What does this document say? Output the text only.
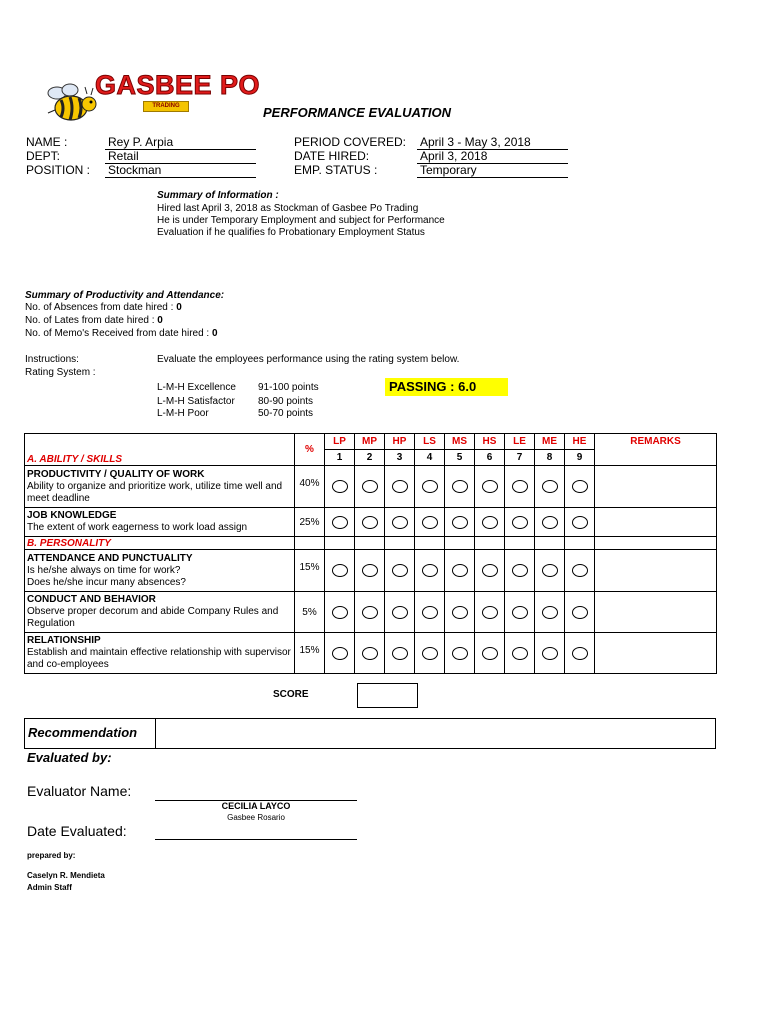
GASBEE PO
TRADING	PERFORMANCE EVALUATION
NAME :	Rey P. Arpia
DEPT:	Retail
POSITION : Stockman
PERIOD COVERED: April 3 - May 3, 2018
DATE HIRED:	April 3, 2018
EMP. STATUS :	Temporary
Summary of Information :
Hired last April 3, 2018 as Stockman of Gasbee Po Trading
He is under Temporary Employment and subject for Performance
Evaluation if he qualifies fo Probationary Employment Status
Summary of Productivity and Attendance:
No. of Absences from date hired : 0
No. of Lates from date hired : 0
No. of Memo's Received from date hired : 0
Instructions:	Evaluate the employees performance using the rating system below.
Rating System :
L-M-H Excellence 91-100 points
L-M-H Satisfactor 80-90 points
L-M-H Poor	50-70 points
PASSING : 6.0
A. ABILITY / SKILLS	%	LP	MP	HP	LS	MS	HS	LE	ME	HE	REMARKS
		1	2	3	4	5	6	7	8	9	

PRODUCTIVITY / QUALITY OF WORK
Ability to organize and prioritize work, utilize time well and meet deadline	40%	

JOB KNOWLEDGE
The extent of work eagerness to work load assign	25%	

B. PERSONALITY											

ATTENDANCE AND PUNCTUALITY
Is he/she always on time for work?
Does he/she incur many absences?	15%	

CONDUCT AND BEHAVIOR
Observe proper decorum and abide Company Rules and Regulation	5%	

RELATIONSHIP
Establish and maintain effective relationship with supervisor and co-employees	15%	

SCORE
Recommendation
Evaluated by:
Evaluator Name:
CECILIA LAYCO
Gasbee Rosario
Date Evaluated:
prepared by:
Caselyn R. Mendieta
Admin Staff
